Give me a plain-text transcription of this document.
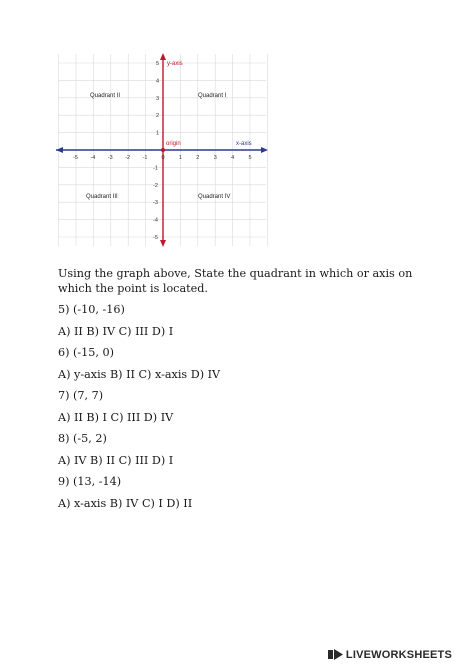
y-axis
x-axis
origin
Quadrant II	Quadrant I
Quadrant III	Quadrant IV
-5 -4 -3 -2 -1	0	1	2	3	4	5
5
4
3
2
1
-1
-2
-3
-4
-5

Using the graph above, State the quadrant in which or axis on which the point is located.

5) (-10, -16)

A) II B) IV C) III D) I

6) (-15, 0)

A) y-axis B) II C) x-axis D) IV

7) (7, 7)

A) II B) I C) III D) IV

8) (-5, 2)

A) IV B) II C) III D) I

9) (13, -14)

A) x-axis B) IV C) I D) II

LIVEWORKSHEETS
